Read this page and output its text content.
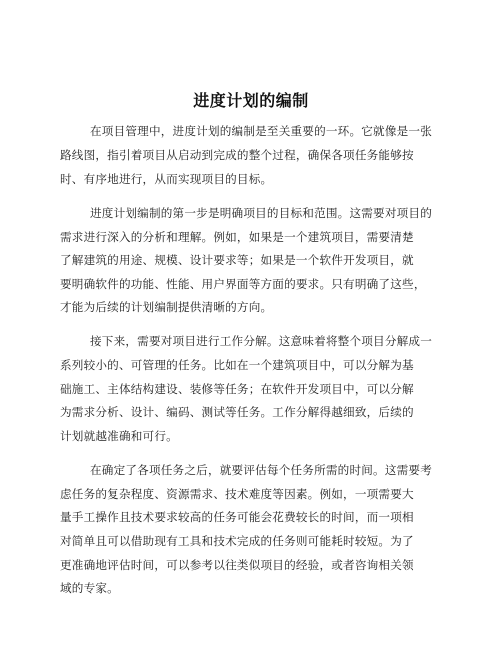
进度计划的编制
在项目管理中，进度计划的编制是至关重要的一环。它就像是一张
路线图，指引着项目从启动到完成的整个过程，确保各项任务能够按
时、有序地进行，从而实现项目的目标。
进度计划编制的第一步是明确项目的目标和范围。这需要对项目的
需求进行深入的分析和理解。例如，如果是一个建筑项目，需要清楚
了解建筑的用途、规模、设计要求等；如果是一个软件开发项目，就
要明确软件的功能、性能、用户界面等方面的要求。只有明确了这些，
才能为后续的计划编制提供清晰的方向。
接下来，需要对项目进行工作分解。这意味着将整个项目分解成一
系列较小的、可管理的任务。比如在一个建筑项目中，可以分解为基
础施工、主体结构建设、装修等任务；在软件开发项目中，可以分解
为需求分析、设计、编码、测试等任务。工作分解得越细致，后续的
计划就越准确和可行。
在确定了各项任务之后，就要评估每个任务所需的时间。这需要考
虑任务的复杂程度、资源需求、技术难度等因素。例如，一项需要大
量手工操作且技术要求较高的任务可能会花费较长的时间，而一项相
对简单且可以借助现有工具和技术完成的任务则可能耗时较短。为了
更准确地评估时间，可以参考以往类似项目的经验，或者咨询相关领
域的专家。
